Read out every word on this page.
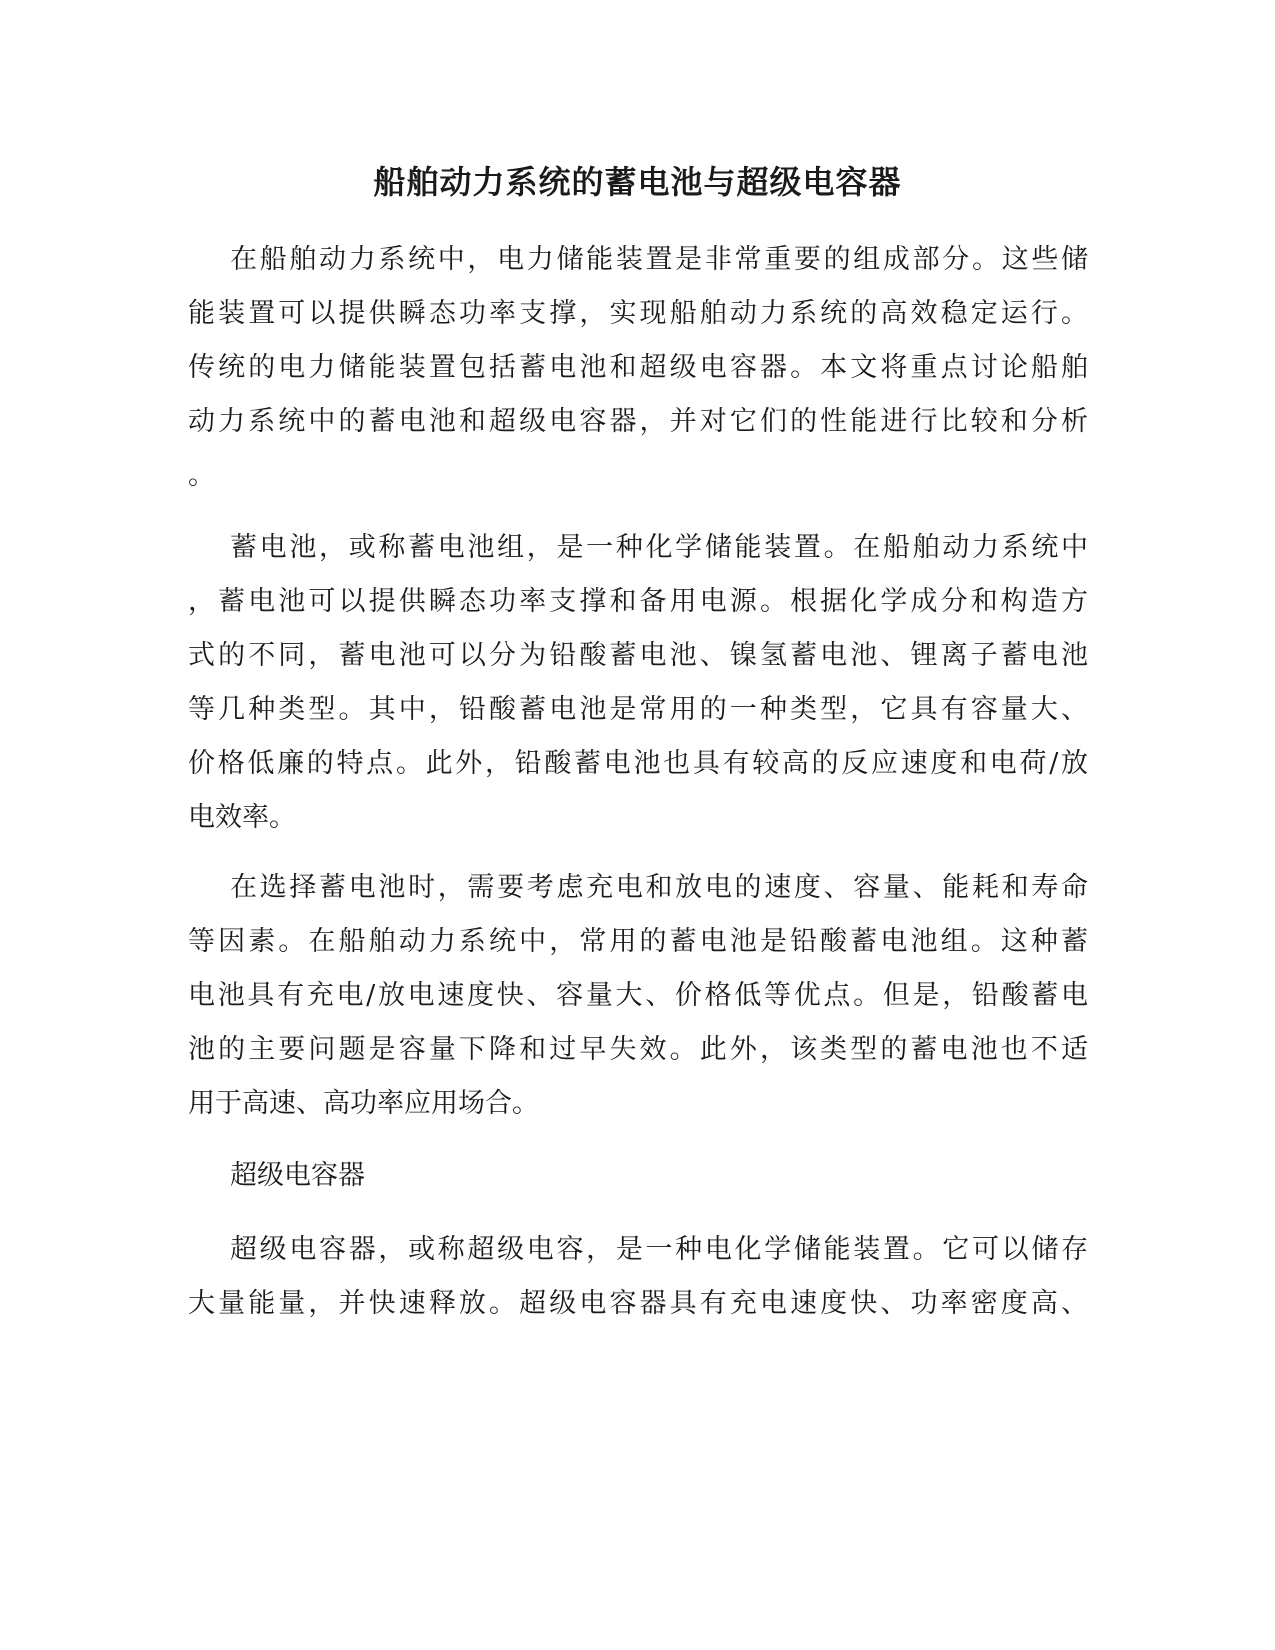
船舶动力系统的蓄电池与超级电容器
在船舶动力系统中，电力储能装置是非常重要的组成部分。这些储
能装置可以提供瞬态功率支撑，实现船舶动力系统的高效稳定运行。
传统的电力储能装置包括蓄电池和超级电容器。本文将重点讨论船舶
动力系统中的蓄电池和超级电容器，并对它们的性能进行比较和分析
。
蓄电池，或称蓄电池组，是一种化学储能装置。在船舶动力系统中
，蓄电池可以提供瞬态功率支撑和备用电源。根据化学成分和构造方
式的不同，蓄电池可以分为铅酸蓄电池、镍氢蓄电池、锂离子蓄电池
等几种类型。其中，铅酸蓄电池是常用的一种类型，它具有容量大、
价格低廉的特点。此外，铅酸蓄电池也具有较高的反应速度和电荷/放
电效率。
在选择蓄电池时，需要考虑充电和放电的速度、容量、能耗和寿命
等因素。在船舶动力系统中，常用的蓄电池是铅酸蓄电池组。这种蓄
电池具有充电/放电速度快、容量大、价格低等优点。但是，铅酸蓄电
池的主要问题是容量下降和过早失效。此外，该类型的蓄电池也不适
用于高速、高功率应用场合。
超级电容器
超级电容器，或称超级电容，是一种电化学储能装置。它可以储存
大量能量，并快速释放。超级电容器具有充电速度快、功率密度高、
